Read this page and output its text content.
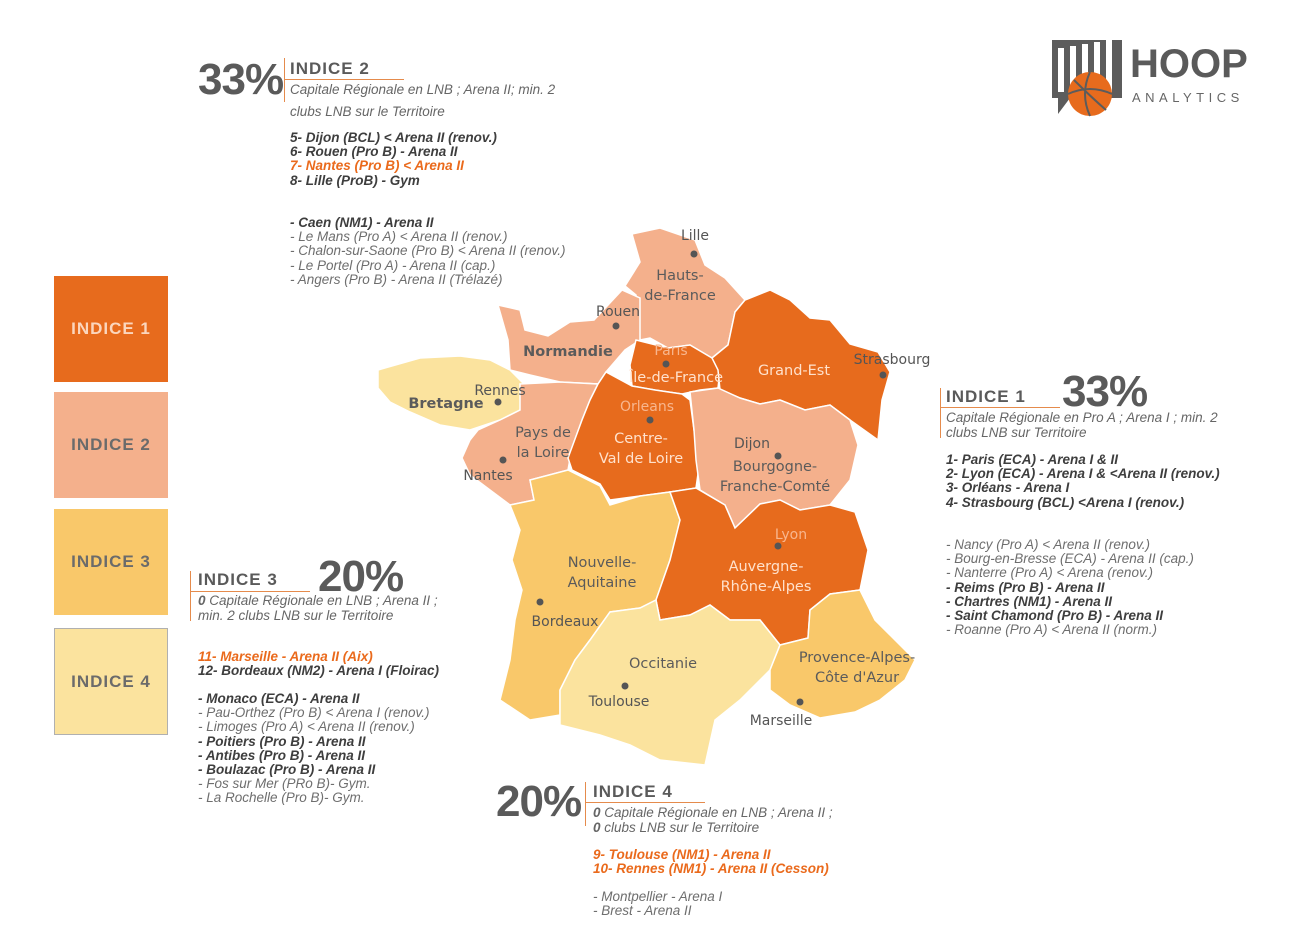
Hauts-de-France
Normandie
Bretagne
Pays de la Loire
Île-de-France
Centre-Val de Loire
Grand-Est
Bourgogne-Franche-Comté
Nouvelle-Aquitaine
Auvergne-Rhône-Alpes
Occitanie	Provence-Alpes-Côte d'Azur
Lille
Rouen
Paris
Strasbourg
Rennes
Orleans
Nantes
Dijon
Lyon
Bordeaux
Toulouse
Marseille
INDICE 1
INDICE 2
INDICE 3
INDICE 4
33% INDICE 2
Capitale Régionale en LNB ; Arena II; min. 2
clubs LNB sur le Territoire
5- Dijon (BCL) < Arena II (renov.)
6- Rouen (Pro B) - Arena II
7- Nantes (Pro B) < Arena II
8- Lille (ProB) - Gym
- Caen (NM1) - Arena II
- Le Mans (Pro A) < Arena II (renov.)
- Chalon-sur-Saone (Pro B) < Arena II (renov.)
- Le Portel (Pro A) - Arena II (cap.)
- Angers (Pro B) - Arena II (Trélazé)
INDICE 1 33%
Capitale Régionale en Pro A ; Arena I ; min. 2
clubs LNB sur Territoire
1- Paris (ECA) - Arena I & II
2- Lyon (ECA) - Arena I & <Arena II (renov.)
3- Orléans - Arena I
4- Strasbourg (BCL) <Arena I (renov.)
- Nancy (Pro A) < Arena II (renov.)
- Bourg-en-Bresse (ECA) - Arena II (cap.)
- Nanterre (Pro A) < Arena (renov.)
- Reims (Pro B) - Arena II
- Chartres (NM1) - Arena II
- Saint Chamond (Pro B) - Arena II
- Roanne (Pro A) < Arena II (norm.)
INDICE 3 20%
0 Capitale Régionale en LNB ; Arena II ;
min. 2 clubs LNB sur le Territoire
11- Marseille - Arena II (Aix)
12- Bordeaux (NM2) - Arena I (Floirac)
- Monaco (ECA) - Arena II
- Pau-Orthez (Pro B) < Arena I (renov.)
- Limoges (Pro A) < Arena II (renov.)
- Poitiers (Pro B) - Arena II
- Antibes (Pro B) - Arena II
- Boulazac (Pro B) - Arena II
- Fos sur Mer (PRo B)- Gym.
- La Rochelle (Pro B)- Gym.	20% INDICE 4
0 Capitale Régionale en LNB ; Arena II ;
0 clubs LNB sur le Territoire
9- Toulouse (NM1) - Arena II
10- Rennes (NM1) - Arena II (Cesson)
- Montpellier - Arena I
- Brest - Arena II
HOOP
ANALYTICS
